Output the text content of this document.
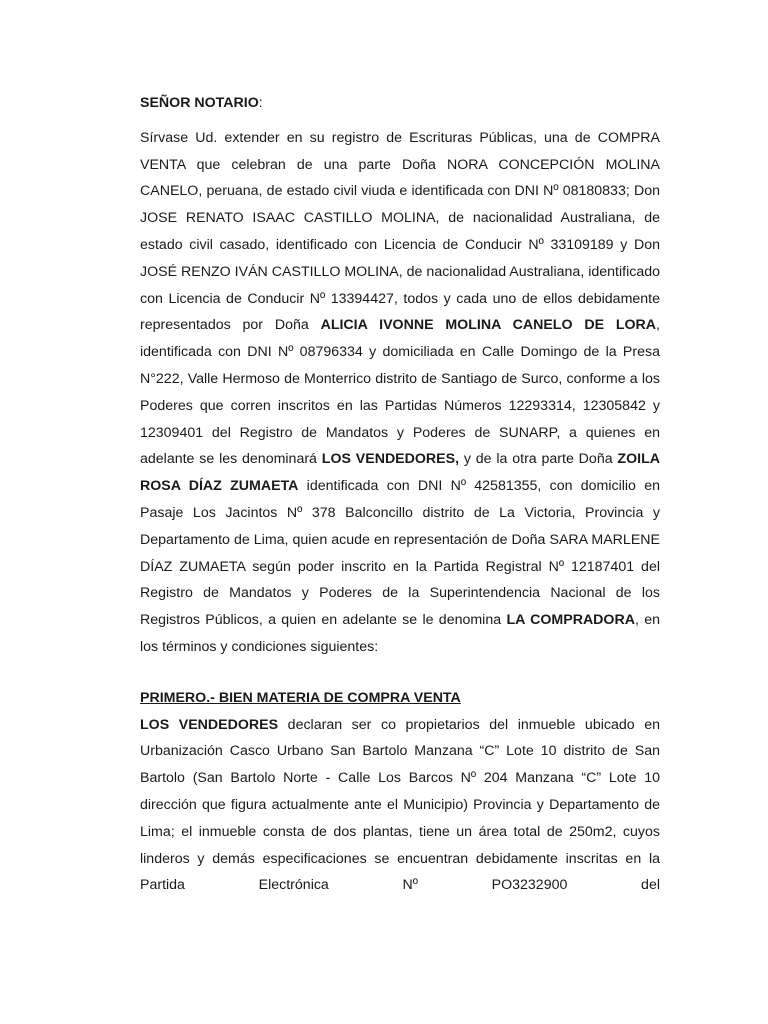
SEÑOR NOTARIO:

Sírvase Ud. extender en su registro de Escrituras Públicas, una de COMPRA VENTA que celebran de una parte Doña NORA CONCEPCIÓN MOLINA CANELO, peruana, de estado civil viuda e identificada con DNI Nº 08180833; Don JOSE RENATO ISAAC CASTILLO MOLINA, de nacionalidad Australiana, de estado civil casado, identificado con Licencia de Conducir Nº 33109189 y Don JOSÉ RENZO IVÁN CASTILLO MOLINA, de nacionalidad Australiana, identificado con Licencia de Conducir Nº 13394427, todos y cada uno de ellos debidamente representados por Doña ALICIA IVONNE MOLINA CANELO DE LORA, identificada con DNI Nº 08796334 y domiciliada en Calle Domingo de la Presa N°222, Valle Hermoso de Monterrico distrito de Santiago de Surco, conforme a los Poderes que corren inscritos en las Partidas Números 12293314, 12305842 y 12309401 del Registro de Mandatos y Poderes de SUNARP, a quienes en adelante se les denominará LOS VENDEDORES, y de la otra parte Doña ZOILA ROSA DÍAZ ZUMAETA identificada con DNI Nº 42581355, con domicilio en Pasaje Los Jacintos Nº 378 Balconcillo distrito de La Victoria, Provincia y Departamento de Lima, quien acude en representación de Doña SARA MARLENE DÍAZ ZUMAETA según poder inscrito en la Partida Registral Nº 12187401 del Registro de Mandatos y Poderes de la Superintendencia Nacional de los Registros Públicos, a quien en adelante se le denomina LA COMPRADORA, en los términos y condiciones siguientes:

PRIMERO.- BIEN MATERIA DE COMPRA VENTA

LOS VENDEDORES declaran ser co propietarios del inmueble ubicado en Urbanización Casco Urbano San Bartolo Manzana “C” Lote 10 distrito de San Bartolo (San Bartolo Norte - Calle Los Barcos Nº 204 Manzana “C” Lote 10 dirección que figura actualmente ante el Municipio) Provincia y Departamento de Lima; el inmueble consta de dos plantas, tiene un área total de 250m2, cuyos linderos y demás especificaciones se encuentran debidamente inscritas en la Partida Electrónica Nº PO3232900 del
